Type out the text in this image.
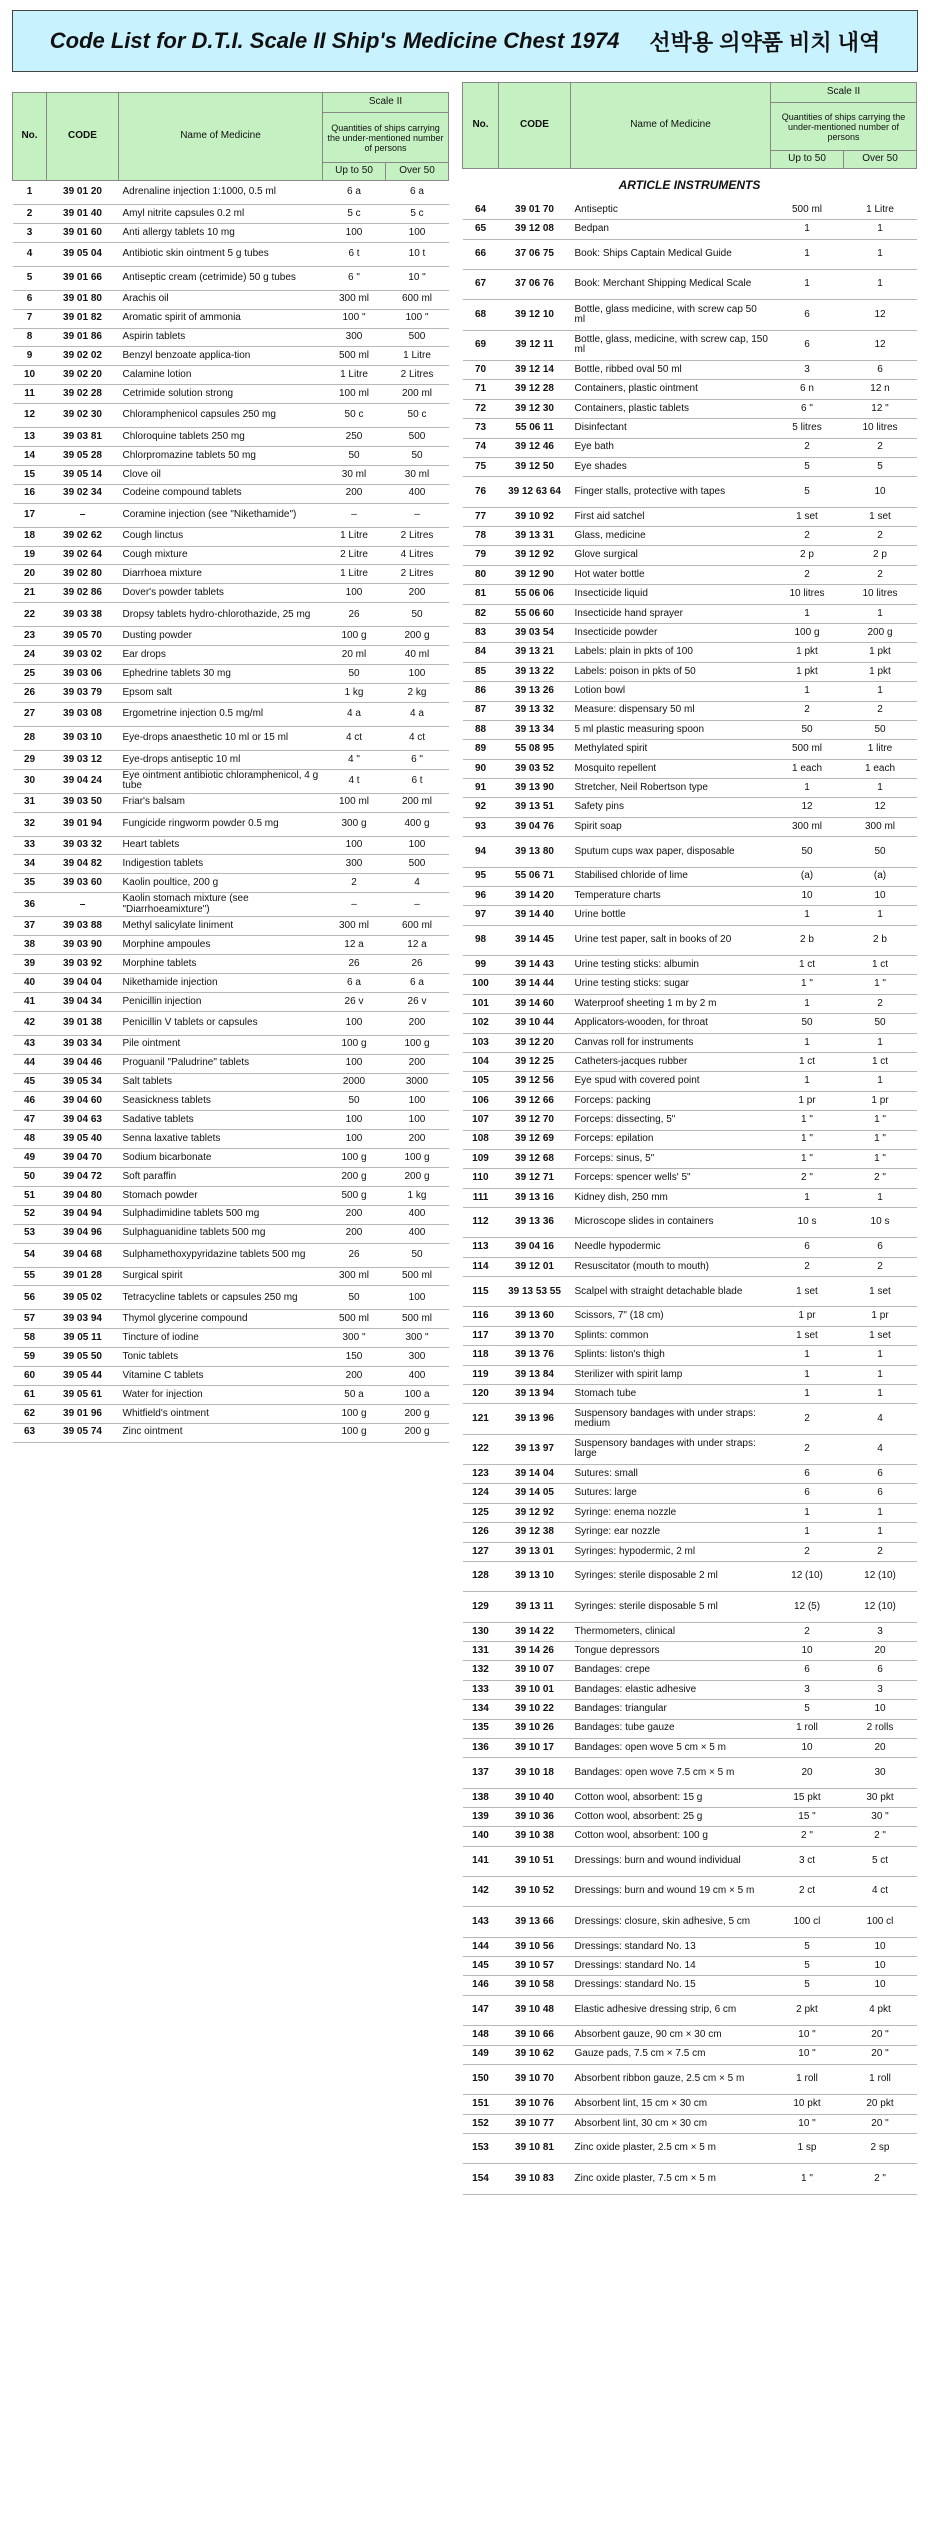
Code List for D.T.I. Scale II Ship's Medicine Chest 1974 선박용 의약품 비치 내역
No.	CODE	Name of Medicine	Scale II	
			Quantities of ships carrying the under-mentioned number of persons	
			Up to 50	Over 50
1	39 01 20	Adrenaline injection 1:1000, 0.5 ml	6 a	6 a
2	39 01 40	Amyl nitrite capsules 0.2 ml	5 c	5 c
3	39 01 60	Anti allergy tablets 10 mg	100	100
4	39 05 04	Antibiotic skin ointment 5 g tubes	6 t	10 t
5	39 01 66	Antiseptic cream (cetrimide) 50 g tubes	6 "	10 "
6	39 01 80	Arachis oil	300 ml	600 ml
7	39 01 82	Aromatic spirit of ammonia	100 "	100 "
8	39 01 86	Aspirin tablets	300	500
9	39 02 02	Benzyl benzoate applica-tion	500 ml	1 Litre
10	39 02 20	Calamine lotion	1 Litre	2 Litres
11	39 02 28	Cetrimide solution strong	100 ml	200 ml
12	39 02 30	Chloramphenicol capsules 250 mg	50 c	50 c
13	39 03 81	Chloroquine tablets 250 mg	250	500
14	39 05 28	Chlorpromazine tablets 50 mg	50	50
15	39 05 14	Clove oil	30 ml	30 ml
16	39 02 34	Codeine compound tablets	200	400
17	–	Coramine injection (see "Nikethamide")	–	–
18	39 02 62	Cough linctus	1 Litre	2 Litres
19	39 02 64	Cough mixture	2 Litre	4 Litres
20	39 02 80	Diarrhoea mixture	1 Litre	2 Litres
21	39 02 86	Dover's powder tablets	100	200
22	39 03 38	Dropsy tablets hydro-chlorothazide, 25 mg	26	50
23	39 05 70	Dusting powder	100 g	200 g
24	39 03 02	Ear drops	20 ml	40 ml
25	39 03 06	Ephedrine tablets 30 mg	50	100
26	39 03 79	Epsom salt	1 kg	2 kg
27	39 03 08	Ergometrine injection 0.5 mg/ml	4 a	4 a
28	39 03 10	Eye-drops anaesthetic 10 ml or 15 ml	4 ct	4 ct
29	39 03 12	Eye-drops antiseptic 10 ml	4 "	6 "
30	39 04 24	Eye ointment antibiotic chloramphenicol, 4 g tube	4 t	6 t
31	39 03 50	Friar's balsam	100 ml	200 ml
32	39 01 94	Fungicide ringworm powder 0.5 mg	300 g	400 g
33	39 03 32	Heart tablets	100	100
34	39 04 82	Indigestion tablets	300	500
35	39 03 60	Kaolin poultice, 200 g	2	4
36	–	Kaolin stomach mixture (see "Diarrhoeamixture")	–	–
37	39 03 88	Methyl salicylate liniment	300 ml	600 ml
38	39 03 90	Morphine ampoules	12 a	12 a
39	39 03 92	Morphine tablets	26	26
40	39 04 04	Nikethamide injection	6 a	6 a
41	39 04 34	Penicillin injection	26 v	26 v
42	39 01 38	Penicillin V tablets or capsules	100	200
43	39 03 34	Pile ointment	100 g	100 g
44	39 04 46	Proguanil "Paludrine" tablets	100	200
45	39 05 34	Salt tablets	2000	3000
46	39 04 60	Seasickness tablets	50	100
47	39 04 63	Sadative tablets	100	100
48	39 05 40	Senna laxative tablets	100	200
49	39 04 70	Sodium bicarbonate	100 g	100 g
50	39 04 72	Soft paraffin	200 g	200 g
51	39 04 80	Stomach powder	500 g	1 kg
52	39 04 94	Sulphadimidine tablets 500 mg	200	400
53	39 04 96	Sulphaguanidine tablets 500 mg	200	400
54	39 04 68	Sulphamethoxypyridazine tablets 500 mg	26	50
55	39 01 28	Surgical spirit	300 ml	500 ml
56	39 05 02	Tetracycline tablets or capsules 250 mg	50	100
57	39 03 94	Thymol glycerine compound	500 ml	500 ml
58	39 05 11	Tincture of iodine	300 "	300 "
59	39 05 50	Tonic tablets	150	300
60	39 05 44	Vitamine C tablets	200	400
61	39 05 61	Water for injection	50 a	100 a
62	39 01 96	Whitfield's ointment	100 g	200 g
63	39 05 74	Zinc ointment	100 g	200 g
No.	CODE	Name of Medicine	Scale II	
			Quantities of ships carrying the under-mentioned number of persons	
			Up to 50	Over 50
ARTICLE INSTRUMENTS				
64	39 01 70	Antiseptic	500 ml	1 Litre
65	39 12 08	Bedpan	1	1
66	37 06 75	Book: Ships Captain Medical Guide	1	1
67	37 06 76	Book: Merchant Shipping Medical Scale	1	1
68	39 12 10	Bottle, glass medicine, with screw cap 50 ml	6	12
69	39 12 11	Bottle, glass, medicine, with screw cap, 150 ml	6	12
70	39 12 14	Bottle, ribbed oval 50 ml	3	6
71	39 12 28	Containers, plastic ointment	6 n	12 n
72	39 12 30	Containers, plastic tablets	6 "	12 "
73	55 06 11	Disinfectant	5 litres	10 litres
74	39 12 46	Eye bath	2	2
75	39 12 50	Eye shades	5	5
76	39 12 63 64	Finger stalls, protective with tapes	5	10
77	39 10 92	First aid satchel	1 set	1 set
78	39 13 31	Glass, medicine	2	2
79	39 12 92	Glove surgical	2 p	2 p
80	39 12 90	Hot water bottle	2	2
81	55 06 06	Insecticide liquid	10 litres	10 litres
82	55 06 60	Insecticide hand sprayer	1	1
83	39 03 54	Insecticide powder	100 g	200 g
84	39 13 21	Labels: plain in pkts of 100	1 pkt	1 pkt
85	39 13 22	Labels: poison in pkts of 50	1 pkt	1 pkt
86	39 13 26	Lotion bowl	1	1
87	39 13 32	Measure: dispensary 50 ml	2	2
88	39 13 34	5 ml plastic measuring spoon	50	50
89	55 08 95	Methylated spirit	500 ml	1 litre
90	39 03 52	Mosquito repellent	1 each	1 each
91	39 13 90	Stretcher, Neil Robertson type	1	1
92	39 13 51	Safety pins	12	12
93	39 04 76	Spirit soap	300 ml	300 ml
94	39 13 80	Sputum cups wax paper, disposable	50	50
95	55 06 71	Stabilised chloride of lime	(a)	(a)
96	39 14 20	Temperature charts	10	10
97	39 14 40	Urine bottle	1	1
98	39 14 45	Urine test paper, salt in books of 20	2 b	2 b
99	39 14 43	Urine testing sticks: albumin	1 ct	1 ct
100	39 14 44	Urine testing sticks: sugar	1 "	1 "
101	39 14 60	Waterproof sheeting 1 m by 2 m	1	2
102	39 10 44	Applicators-wooden, for throat	50	50
103	39 12 20	Canvas roll for instruments	1	1
104	39 12 25	Catheters-jacques rubber	1 ct	1 ct
105	39 12 56	Eye spud with covered point	1	1
106	39 12 66	Forceps: packing	1 pr	1 pr
107	39 12 70	Forceps: dissecting, 5"	1 "	1 "
108	39 12 69	Forceps: epilation	1 "	1 "
109	39 12 68	Forceps: sinus, 5"	1 "	1 "
110	39 12 71	Forceps: spencer wells' 5"	2 "	2 "
111	39 13 16	Kidney dish, 250 mm	1	1
112	39 13 36	Microscope slides in containers	10 s	10 s
113	39 04 16	Needle hypodermic	6	6
114	39 12 01	Resuscitator (mouth to mouth)	2	2
115	39 13 53 55	Scalpel with straight detachable blade	1 set	1 set
116	39 13 60	Scissors, 7" (18 cm)	1 pr	1 pr
117	39 13 70	Splints: common	1 set	1 set
118	39 13 76	Splints: liston's thigh	1	1
119	39 13 84	Sterilizer with spirit lamp	1	1
120	39 13 94	Stomach tube	1	1
121	39 13 96	Suspensory bandages with under straps: medium	2	4
122	39 13 97	Suspensory bandages with under straps: large	2	4
123	39 14 04	Sutures: small	6	6
124	39 14 05	Sutures: large	6	6
125	39 12 92	Syringe: enema nozzle	1	1
126	39 12 38	Syringe: ear nozzle	1	1
127	39 13 01	Syringes: hypodermic, 2 ml	2	2
128	39 13 10	Syringes: sterile disposable 2 ml	12 (10)	12 (10)
129	39 13 11	Syringes: sterile disposable 5 ml	12 (5)	12 (10)
130	39 14 22	Thermometers, clinical	2	3
131	39 14 26	Tongue depressors	10	20
132	39 10 07	Bandages: crepe	6	6
133	39 10 01	Bandages: elastic adhesive	3	3
134	39 10 22	Bandages: triangular	5	10
135	39 10 26	Bandages: tube gauze	1 roll	2 rolls
136	39 10 17	Bandages: open wove 5 cm × 5 m	10	20
137	39 10 18	Bandages: open wove 7.5 cm × 5 m	20	30
138	39 10 40	Cotton wool, absorbent: 15 g	15 pkt	30 pkt
139	39 10 36	Cotton wool, absorbent: 25 g	15 "	30 "
140	39 10 38	Cotton wool, absorbent: 100 g	2 "	2 "
141	39 10 51	Dressings: burn and wound individual	3 ct	5 ct
142	39 10 52	Dressings: burn and wound 19 cm × 5 m	2 ct	4 ct
143	39 13 66	Dressings: closure, skin adhesive, 5 cm	100 cl	100 cl
144	39 10 56	Dressings: standard No. 13	5	10
145	39 10 57	Dressings: standard No. 14	5	10
146	39 10 58	Dressings: standard No. 15	5	10
147	39 10 48	Elastic adhesive dressing strip, 6 cm	2 pkt	4 pkt
148	39 10 66	Absorbent gauze, 90 cm × 30 cm	10 "	20 "
149	39 10 62	Gauze pads, 7.5 cm × 7.5 cm	10 "	20 "
150	39 10 70	Absorbent ribbon gauze, 2.5 cm × 5 m	1 roll	1 roll
151	39 10 76	Absorbent lint, 15 cm × 30 cm	10 pkt	20 pkt
152	39 10 77	Absorbent lint, 30 cm × 30 cm	10 "	20 "
153	39 10 81	Zinc oxide plaster, 2.5 cm × 5 m	1 sp	2 sp
154	39 10 83	Zinc oxide plaster, 7.5 cm × 5 m	1 "	2 "
